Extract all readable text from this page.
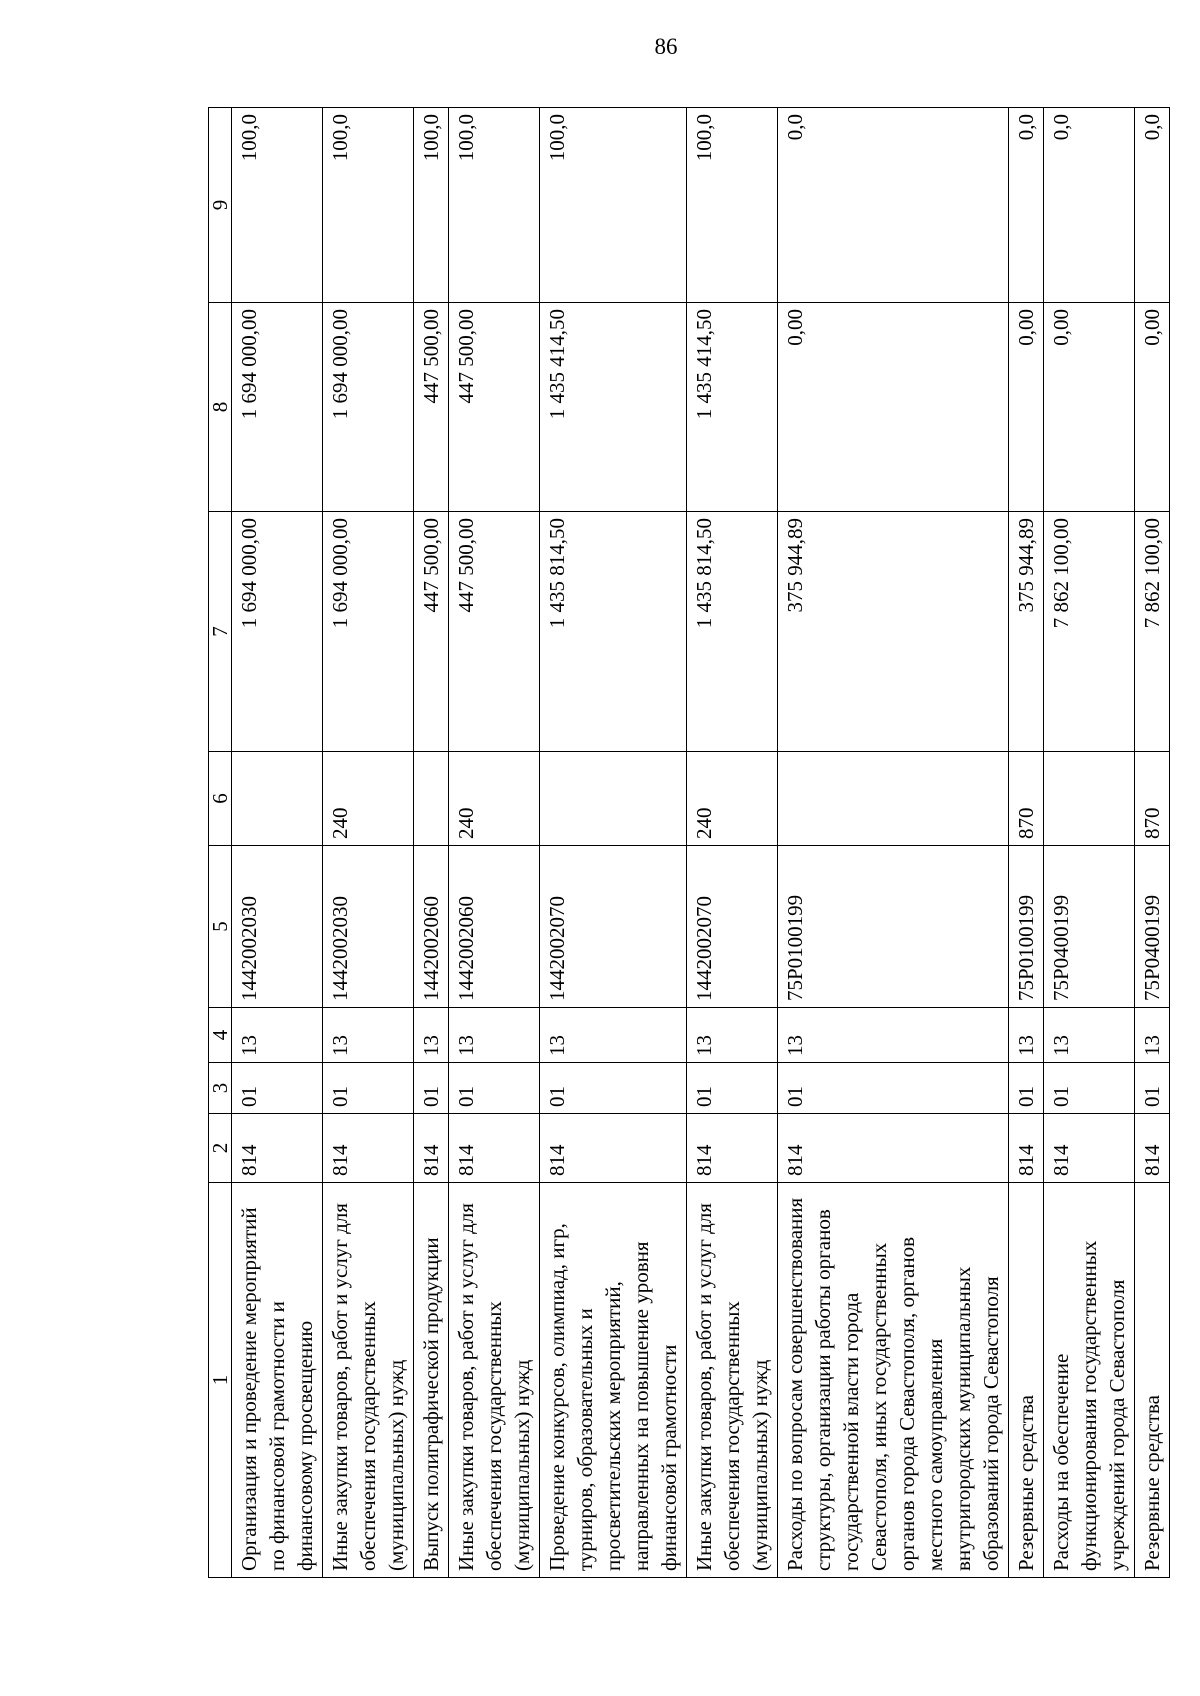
86
1	2	3	4	5	6	7	8	9
Организация и проведение мероприятий по финансовой грамотности и финансовому просвещению	814	01	13	1442002030		1 694 000,00	1 694 000,00	100,0
Иные закупки товаров, работ и услуг для обеспечения государственных (муниципальных) нужд	814	01	13	1442002030	240	1 694 000,00	1 694 000,00	100,0
Выпуск полиграфической продукции	814	01	13	1442002060		447 500,00	447 500,00	100,0
Иные закупки товаров, работ и услуг для обеспечения государственных (муниципальных) нужд	814	01	13	1442002060	240	447 500,00	447 500,00	100,0
Проведение конкурсов, олимпиад, игр, турниров, образовательных и просветительских мероприятий, направленных на повышение уровня финансовой грамотности	814	01	13	1442002070		1 435 814,50	1 435 414,50	100,0
Иные закупки товаров, работ и услуг для обеспечения государственных (муниципальных) нужд	814	01	13	1442002070	240	1 435 814,50	1 435 414,50	100,0
Расходы по вопросам совершенствования структуры, организации работы органов государственной власти города Севастополя, иных государственных органов города Севастополя, органов местного самоуправления внутригородских муниципальных образований города Севастополя	814	01	13	75Р0100199		375 944,89	0,00	0,0
Резервные средства	814	01	13	75Р0100199	870	375 944,89	0,00	0,0
Расходы на обеспечение функционирования государственных учреждений города Севастополя	814	01	13	75Р0400199		7 862 100,00	0,00	0,0
Резервные средства	814	01	13	75Р0400199	870	7 862 100,00	0,00	0,0
